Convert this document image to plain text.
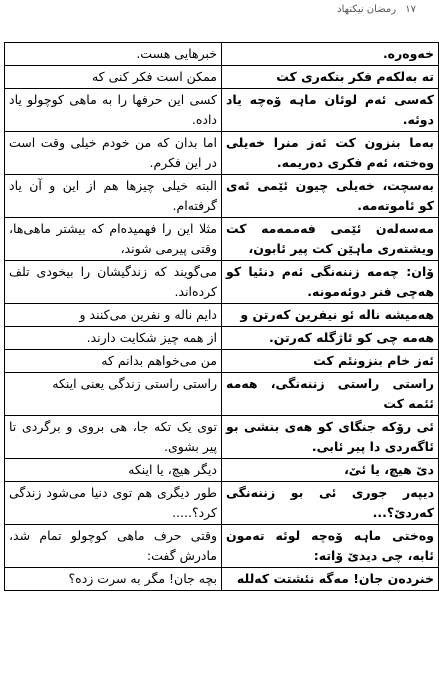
۱۷ رمضان نیکنهاد
خەوەرە.	خبرهایی هست.
تە بەلکەم فکر بنکەری کت	ممکن است فکر کنی که
کەسی ئەم لوئان ماہە ۆەچە یاد دوئە.	کسی این حرفها را به ماهی کوچولو یاد داده.
بەما بنزون کت ئەز منرا خەیلی وەختە، ئەم فکری دەریمە.	اما بدان که من خودم خیلی وقت است در این فکرم.
بەسچت، خەیلی چیون ئێمی ئەی کو ئاموتەمە.	البته خیلی چیزها هم از این و آن یاد گرفته‌ام.
مەسەلەن ئێمی فەممەمە کت ویشتەری ماہێن کت پیر ئابون،	مثلا این را فهمیده‌ام که بیشتر ماهی‌ها، وقتی پیرمی شوند،
ۆان: چەمە زننەنگی ئەم دنئیا کو هەچی فنر دوئەمونە.	می‌گویند که زندگیشان را بیخودی تلف کرده‌اند.
هەمیشە نالە ئو نیفرین کەرتن و	دایم ناله و نفرین می‌کنند و
هەمە چی کو ئاژگلە کەرتن.	از همه چیز شکایت دارند.
ئەز خام بنزونئم کت	من می‌خواهم بدانم که
راستی راستی زننەنگی، هەمە ئئمە کت	راستی راستی زندگی یعنی اینکه
ئی رۆکە جنگای کو هەی بنشی بو ئاگەردی دا پیر ئابی.	توی یک تکه جا، هی بروی و برگردی تا پیر بشوی.
دێ هیچ، یا ئێ،	دیگر هیچ، یا اینکه
دیپەر جوری ئی بو زننەنگی کەردێ؟...	طور دیگری هم توی دنیا می‌شود زندگی کرد؟.....
وەختی ماہە ۆەچە لوئە تەمون ئابە، چی دیدێ ۆاتە:	وقتی حرف ماهی کوچولو تمام شد، مادرش گفت:
خنردەن جان! مەگە نئشتت کەللە	بچه جان! مگر به سرت زده؟
